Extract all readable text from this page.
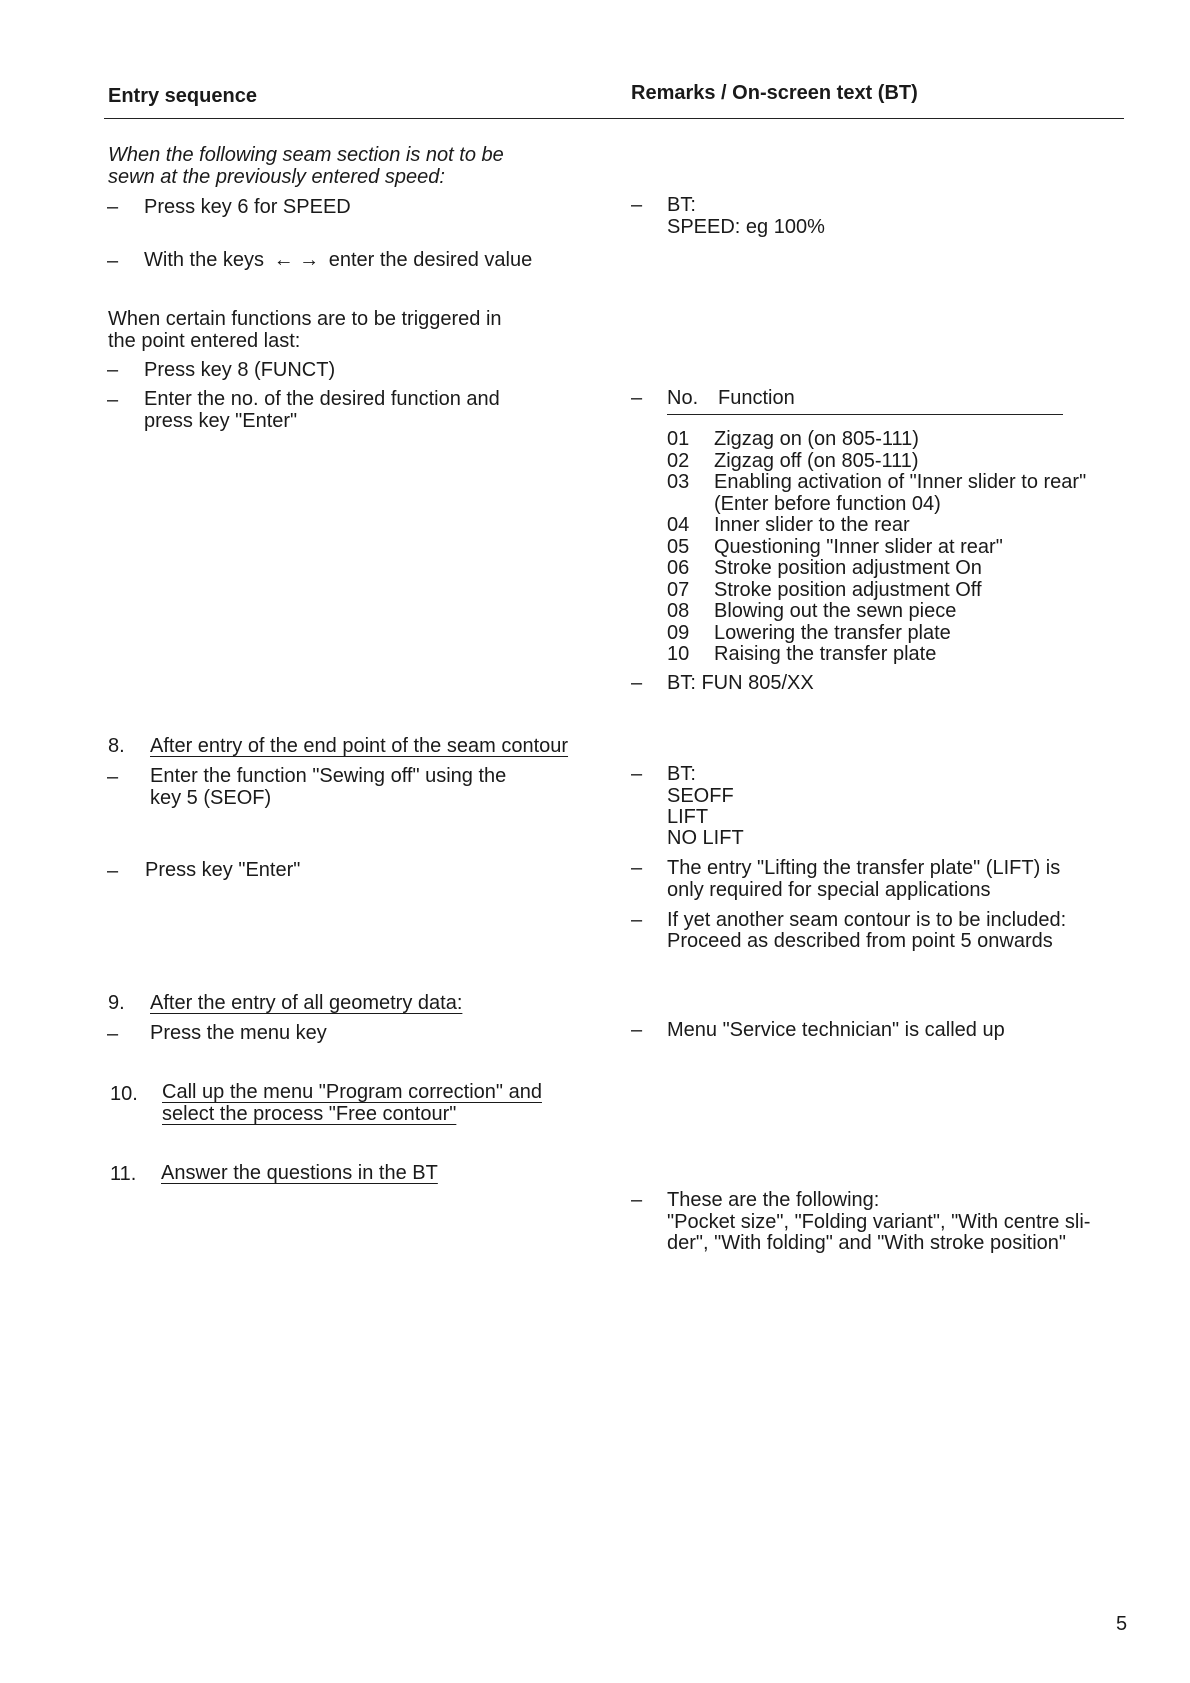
Entry sequence	Remarks / On-screen text (BT)
When the following seam section is not to be
sewn at the previously entered speed:
– Press key 6 for SPEED
– With the keys ← → enter the desired value
– BT:
SPEED: eg 100%
When certain functions are to be triggered in
the point entered last:
– Press key 8 (FUNCT)
– Enter the no. of the desired function and
press key "Enter"
– No. Function
01 Zigzag on (on 805-111)
02 Zigzag off (on 805-111)
03 Enabling activation of "Inner slider to rear"
(Enter before function 04)
04 Inner slider to the rear
05 Questioning "Inner slider at rear"
06 Stroke position adjustment On
07 Stroke position adjustment Off
08 Blowing out the sewn piece
09 Lowering the transfer plate
10 Raising the transfer plate
– BT: FUN 805/XX
8. After entry of the end point of the seam contour
– Enter the function "Sewing off" using the
key 5 (SEOF)
– Press key "Enter"
– BT:
SEOFF
LIFT
NO LIFT
– The entry "Lifting the transfer plate" (LIFT) is
only required for special applications
– If yet another seam contour is to be included:
Proceed as described from point 5 onwards
9. After the entry of all geometry data:
– Press the menu key	– Menu "Service technician" is called up
10. Call up the menu "Program correction" and
select the process "Free contour"
11. Answer the questions in the BT
– These are the following:
"Pocket size", "Folding variant", "With centre sli-
der", "With folding" and "With stroke position"
5
